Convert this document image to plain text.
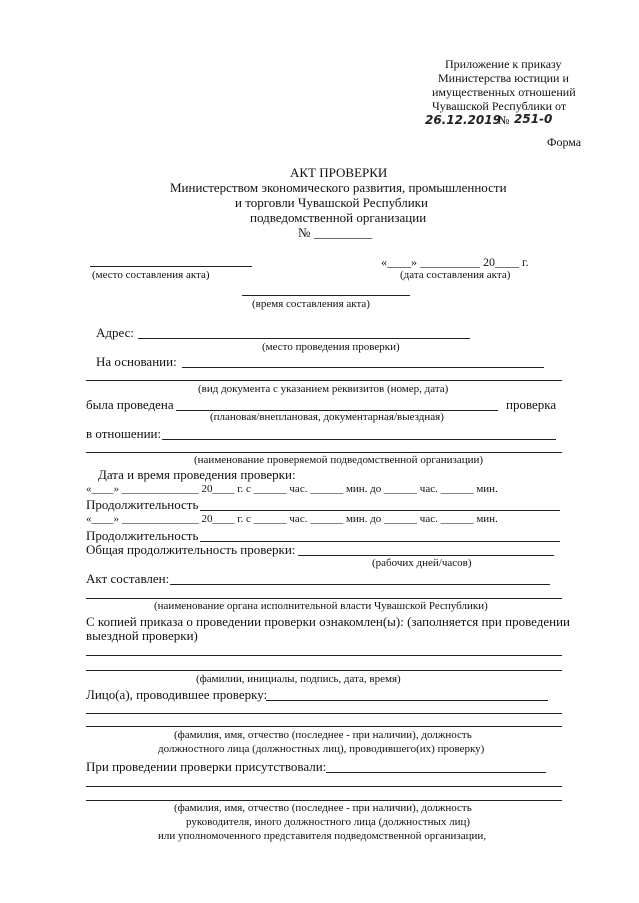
Приложение к приказу
Министерства юстиции и
имущественных отношений
Чувашской Республики от
26.12.2019
№ 251-0
Форма
АКТ ПРОВЕРКИ
Министерством экономического развития, промышленности
и торговли Чувашской Республики
подведомственной организации
№ _________
«____» __________ 20____ г.
(место составления акта)	(дата составления акта)
(время составления акта)
Адрес:
(место проведения проверки)
На основании:
(вид документа с указанием реквизитов (номер, дата)
была проведена	проверка
(плановая/внеплановая, документарная/выездная)
в отношении:
(наименование проверяемой подведомственной организации)
Дата и время проведения проверки:
«____» ______________ 20____ г. с ______ час. ______ мин. до ______ час. ______ мин.
Продолжительность
«____» ______________ 20____ г. с ______ час. ______ мин. до ______ час. ______ мин.
Продолжительность
Общая продолжительность проверки:
(рабочих дней/часов)
Акт составлен:
(наименование органа исполнительной власти Чувашской Республики)
С копией приказа о проведении проверки ознакомлен(ы): (заполняется при проведении
выездной проверки)
(фамилии, инициалы, подпись, дата, время)
Лицо(а), проводившее проверку:
(фамилия, имя, отчество (последнее - при наличии), должность
должностного лица (должностных лиц), проводившего(их) проверку)
При проведении проверки присутствовали:
(фамилия, имя, отчество (последнее - при наличии), должность
руководителя, иного должностного лица (должностных лиц)
или уполномоченного представителя подведомственной организации,
